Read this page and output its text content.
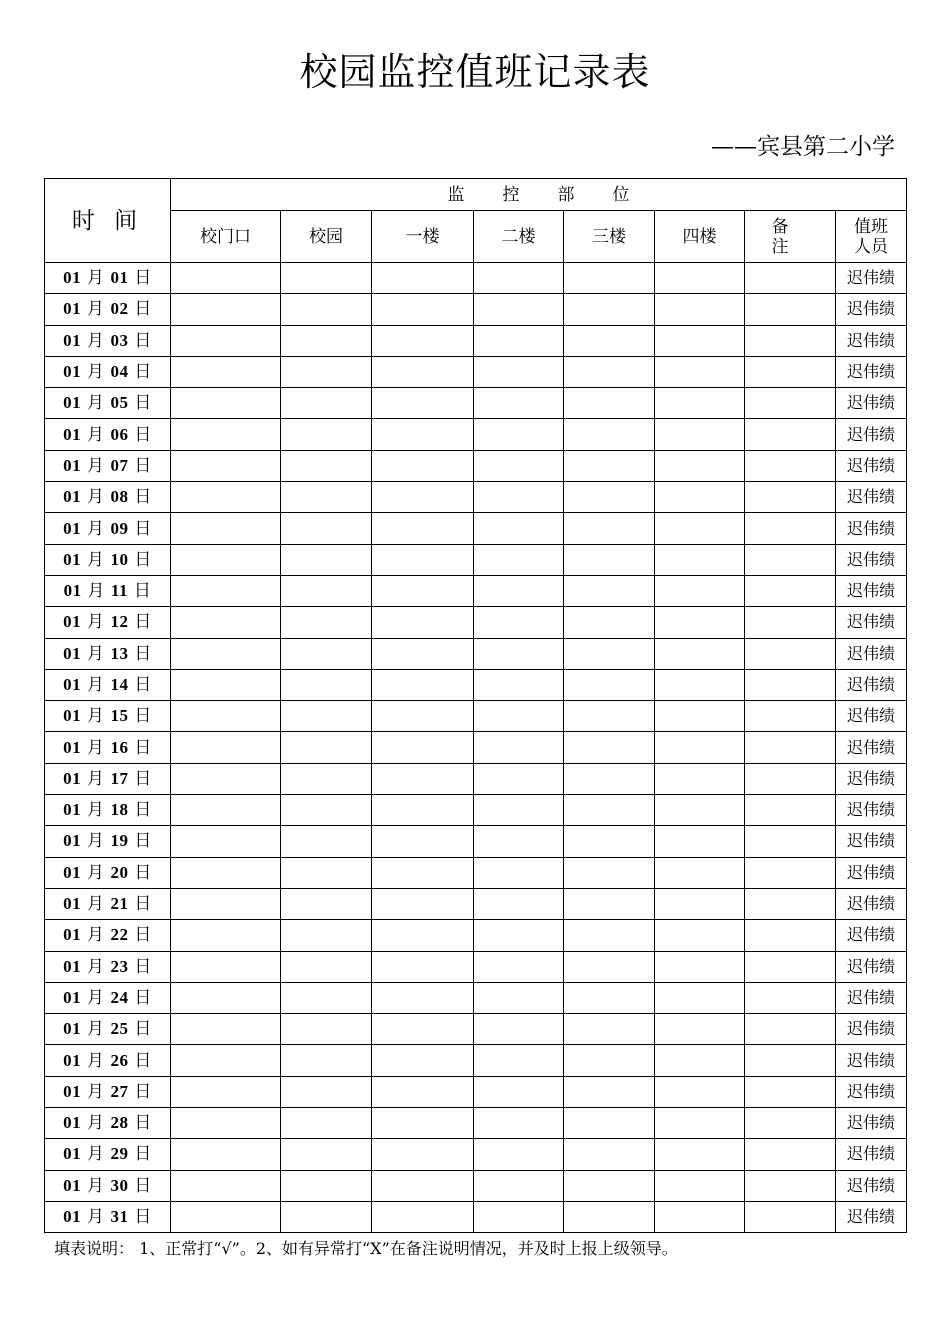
校园监控值班记录表
——宾县第二小学
时 间	监控部位							
	校门口	校园	一楼	二楼	三楼	四楼	备 注	值班
人员

01 月 01 日								迟伟绩
01 月 02 日								迟伟绩
01 月 03 日								迟伟绩
01 月 04 日								迟伟绩
01 月 05 日								迟伟绩
01 月 06 日								迟伟绩
01 月 07 日								迟伟绩
01 月 08 日								迟伟绩
01 月 09 日								迟伟绩
01 月 10 日								迟伟绩
01 月 11 日								迟伟绩
01 月 12 日								迟伟绩
01 月 13 日								迟伟绩
01 月 14 日								迟伟绩
01 月 15 日								迟伟绩
01 月 16 日								迟伟绩
01 月 17 日								迟伟绩
01 月 18 日								迟伟绩
01 月 19 日								迟伟绩
01 月 20 日								迟伟绩
01 月 21 日								迟伟绩
01 月 22 日								迟伟绩
01 月 23 日								迟伟绩
01 月 24 日								迟伟绩
01 月 25 日								迟伟绩
01 月 26 日								迟伟绩
01 月 27 日								迟伟绩
01 月 28 日								迟伟绩
01 月 29 日								迟伟绩
01 月 30 日								迟伟绩
01 月 31 日								迟伟绩
填表说明： 1、正常打“√”。2、如有异常打“X”在备注说明情况，并及时上报上级领导。
